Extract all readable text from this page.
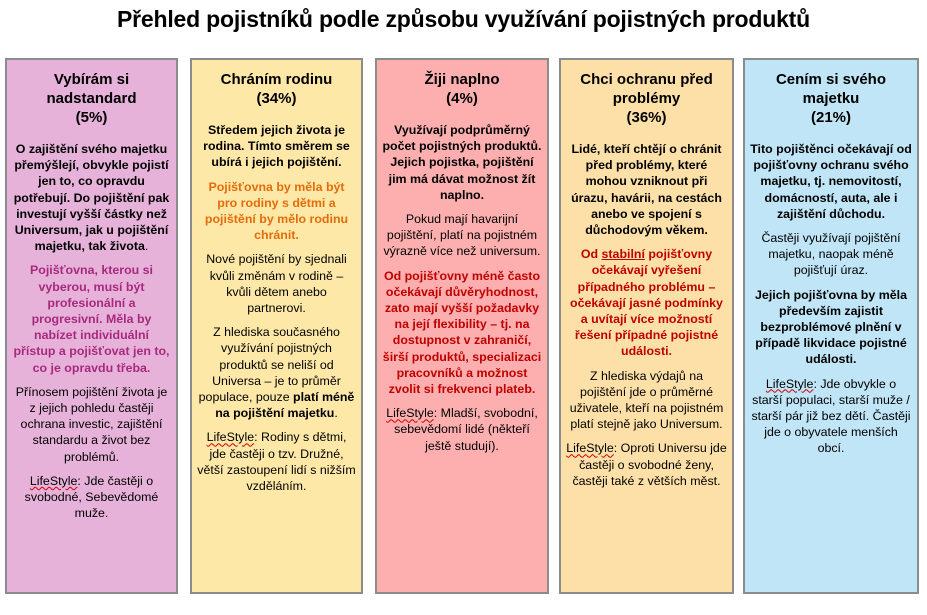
Přehled pojistníků podle způsobu využívání pojistných produktů
Vybírám si nadstandard
(5%)
O zajištění svého majetku přemýšlejí, obvykle pojistí jen to, co opravdu potřebují. Do pojištění pak investují vyšší částky než Universum, jak u pojištění majetku, tak života.
Pojišťovna, kterou si vyberou, musí být profesionální a progresivní. Měla by nabízet individuální přístup a pojišťovat jen to, co je opravdu třeba.
Přínosem pojištění života je z jejich pohledu častěji ochrana investic, zajištění standardu a život bez problémů.
LifeStyle: Jde častěji o svobodné, Sebevědomé muže.
Chráním rodinu
(34%)
Středem jejich života je rodina. Tímto směrem se ubírá i jejich pojištění.
Pojišťovna by měla být pro rodiny s dětmi a pojištění by mělo rodinu chránit.
Nové pojištění by sjednali kvůli změnám v rodině – kvůli dětem anebo partnerovi.
Z hlediska současného využívání pojistných produktů se neliší od Universa – je to průměr populace, pouze platí méně na pojištění majetku.
LifeStyle: Rodiny s dětmi, jde častěji o tzv. Družné, větší zastoupení lidí s nižším vzděláním.
Žiji naplno
(4%)
Využívají podprůměrný počet pojistných produktů. Jejich pojistka, pojištění jim má dávat možnost žít naplno.
Pokud mají havarijní pojištění, platí na pojistném výrazně více než universum.
Od pojišťovny méně často očekávají důvěryhodnost, zato mají vyšší požadavky na její flexibility – tj. na dostupnost v zahraničí, širší produktů, specializaci pracovníků a možnost zvolit si frekvenci plateb.
LifeStyle: Mladší, svobodní, sebevědomí lidé (někteří ještě studují).
Chci ochranu před problémy
(36%)
Lidé, kteří chtějí o chránit před problémy, které mohou vzniknout při úrazu, havárii, na cestách anebo ve spojení s důchodovým věkem.
Od stabilní pojišťovny očekávají vyřešení případného problému – očekávají jasné podmínky a uvítají více možností řešení případné pojistné události.
Z hlediska výdajů na pojištění jde o průměrné uživatele, kteří na pojistném platí stejně jako Universum.
LifeStyle: Oproti Universu jde častěji o svobodné ženy, častěji také z větších měst.
Cením si svého majetku
(21%)
Tito pojištěnci očekávají od pojišťovny ochranu svého majetku, tj. nemovitostí, domácností, auta, ale i zajištění důchodu.
Častěji využívají pojištění majetku, naopak méně pojišťují úraz.
Jejich pojišťovna by měla především zajistit bezproblémové plnění v případě likvidace pojistné události.
LifeStyle: Jde obvykle o starší populaci, starší muže / starší pár již bez dětí. Častěji jde o obyvatele menších obcí.
